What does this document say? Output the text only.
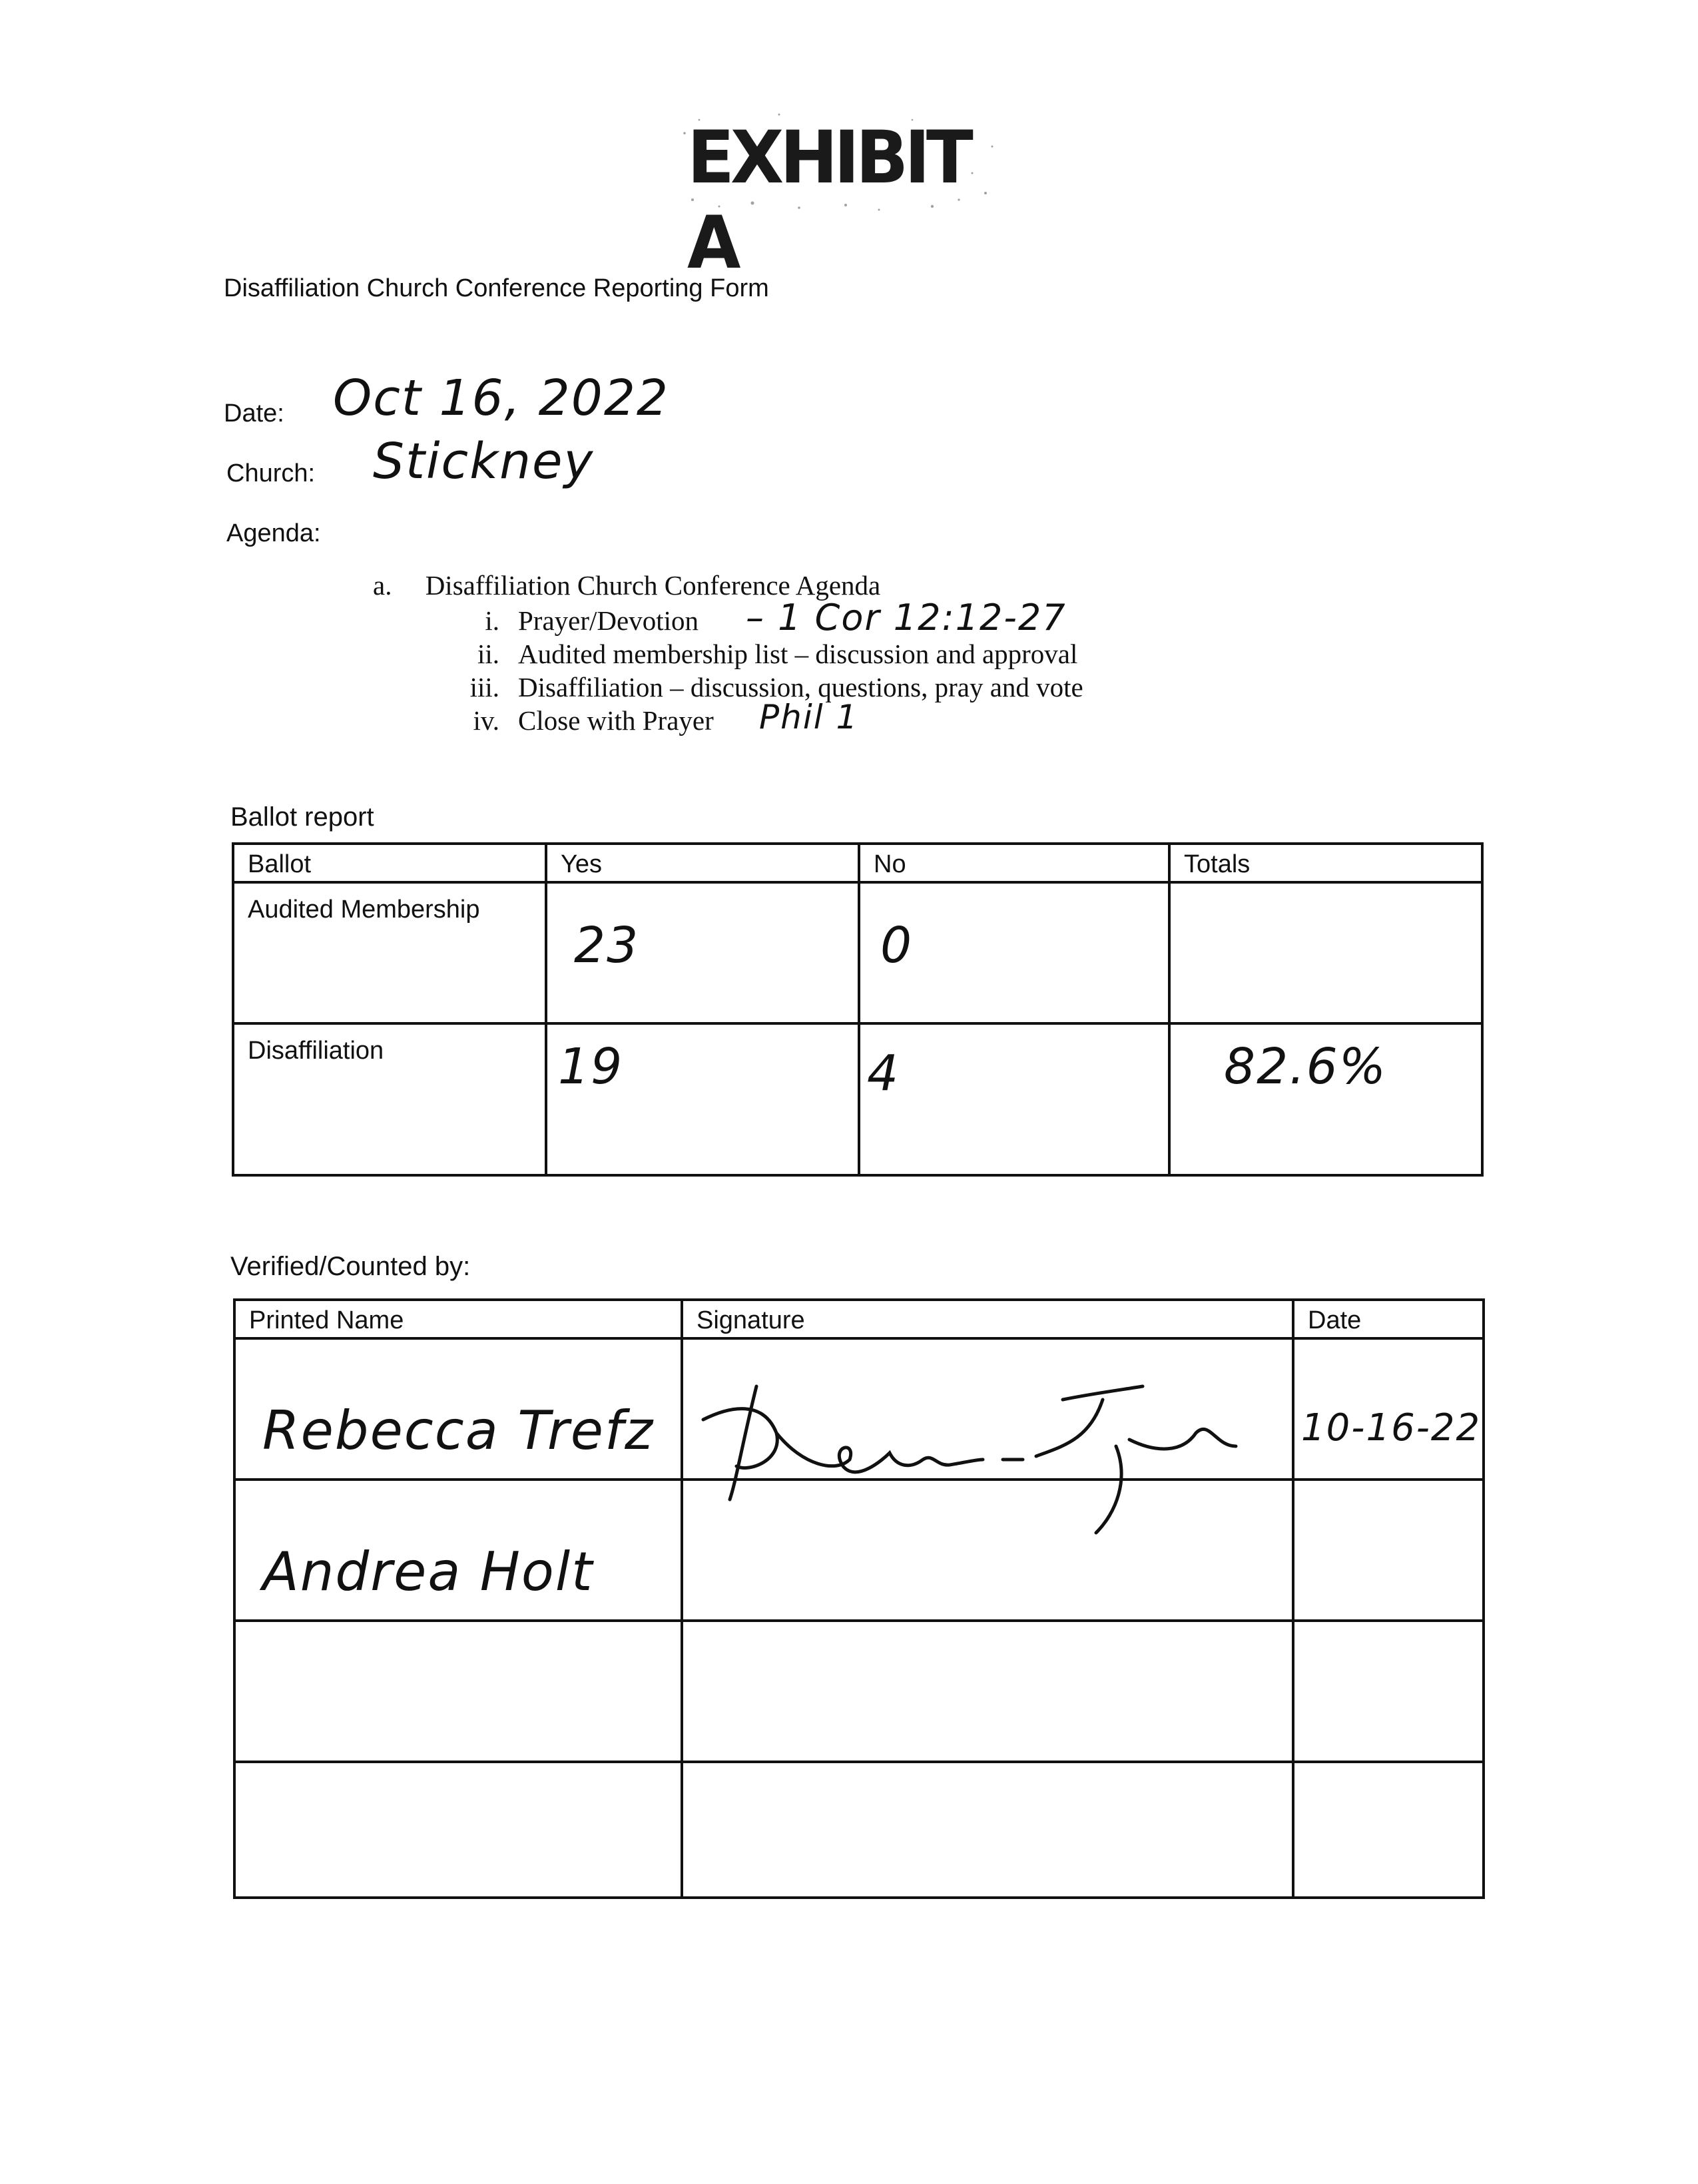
EXHIBIT A
Disaffiliation Church Conference Reporting Form
Date: Oct 16, 2022
Church: Stickney
Agenda:
a. Disaffiliation Church Conference Agenda
i. Prayer/Devotion – 1 Cor 12:12-27
ii. Audited membership list – discussion and approval
iii. Disaffiliation – discussion, questions, pray and vote
iv. Close with Prayer Phil 1
Ballot report
Ballot	Yes	No	Totals
Audited Membership	23	0	

Disaffiliation	19	4	82.6%
Verified/Counted by:
Printed Name	Signature	Date

Rebecca Trefz		10-16-22

Andrea Holt		
